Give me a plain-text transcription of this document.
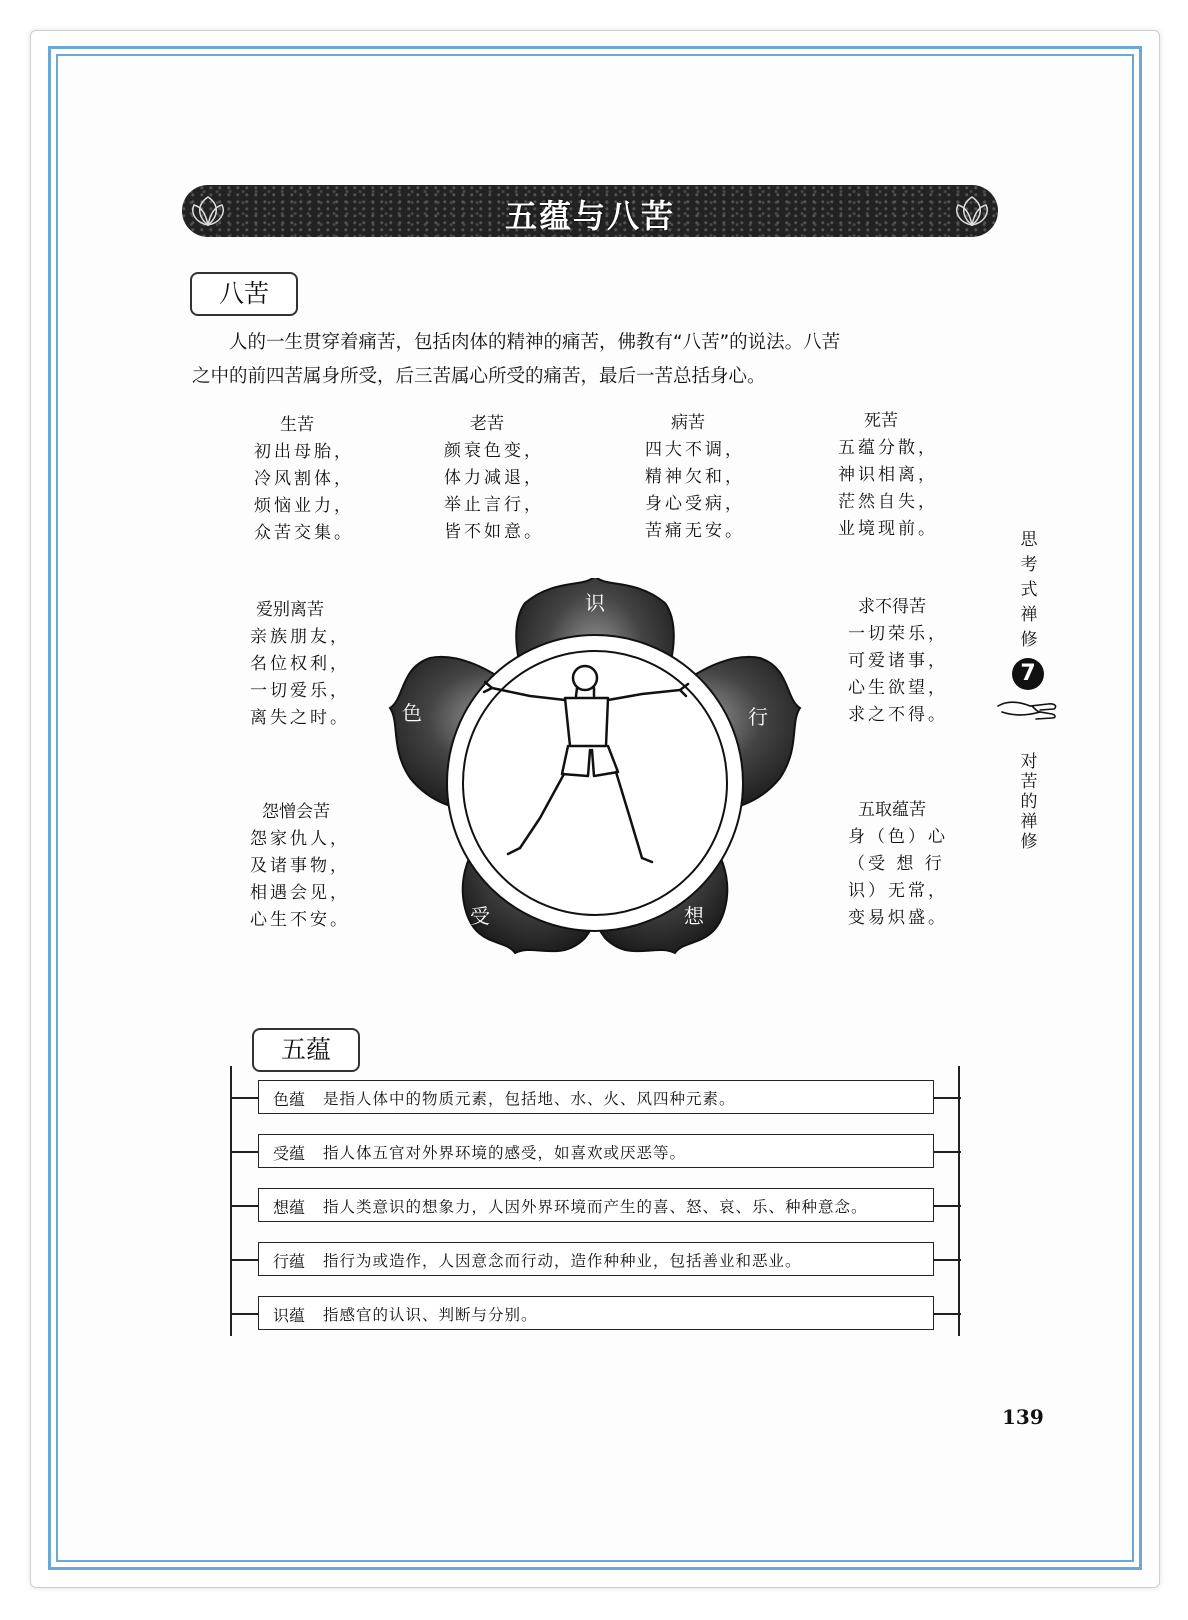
五蕴与八苦
八苦

人的一生贯穿着痛苦，包括肉体的精神的痛苦，佛教有“八苦”的说法。八苦

之中的前四苦属身所受，后三苦属心所受的痛苦，最后一苦总括身心。

生苦
初出母胎，
冷风割体，
烦恼业力，
众苦交集。
老苦
颜衰色变，
体力减退，
举止言行，
皆不如意。
病苦
四大不调，
精神欠和，
身心受病，
苦痛无安。
死苦
五蕴分散，
神识相离，
茫然自失，
业境现前。
爱别离苦
亲族朋友，
名位权利，
一切爱乐，
离失之时。
求不得苦
一切荣乐，
可爱诸事，
心生欲望，
求之不得。
怨憎会苦
怨家仇人，
及诸事物，
相遇会见，
心生不安。
五取蕴苦
身（色）心
（受 想 行
识）无常，
变易炽盛。
识
行
想
受
色
思考式禅修
7
对苦的禅修
五蕴
色蕴 是指人体中的物质元素，包括地、水、火、风四种元素。
受蕴 指人体五官对外界环境的感受，如喜欢或厌恶等。
想蕴 指人类意识的想象力，人因外界环境而产生的喜、怒、哀、乐、种种意念。
行蕴 指行为或造作，人因意念而行动，造作种种业，包括善业和恶业。
识蕴 指感官的认识、判断与分别。
139
